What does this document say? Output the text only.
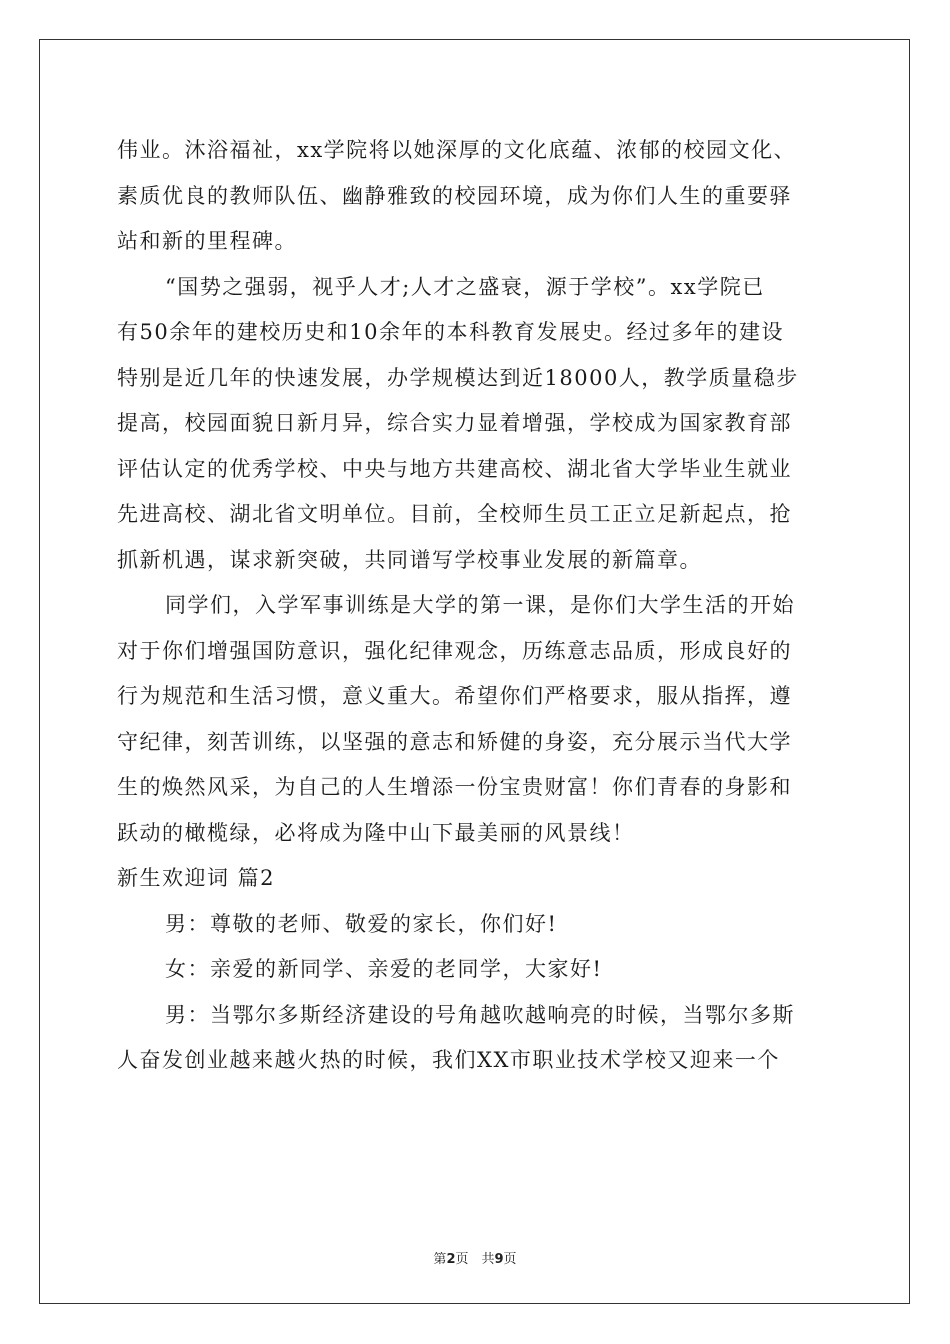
伟业。沐浴福祉，xx学院将以她深厚的文化底蕴、浓郁的校园文化、
素质优良的教师队伍、幽静雅致的校园环境，成为你们人生的重要驿
站和新的里程碑。
“国势之强弱，视乎人才;人才之盛衰，源于学校”。xx学院已
有50余年的建校历史和10余年的本科教育发展史。经过多年的建设
特别是近几年的快速发展，办学规模达到近18000人，教学质量稳步
提高，校园面貌日新月异，综合实力显着增强，学校成为国家教育部
评估认定的优秀学校、中央与地方共建高校、湖北省大学毕业生就业
先进高校、湖北省文明单位。目前，全校师生员工正立足新起点，抢
抓新机遇，谋求新突破，共同谱写学校事业发展的新篇章。
同学们，入学军事训练是大学的第一课，是你们大学生活的开始
对于你们增强国防意识，强化纪律观念，历练意志品质，形成良好的
行为规范和生活习惯，意义重大。希望你们严格要求，服从指挥，遵
守纪律，刻苦训练，以坚强的意志和矫健的身姿，充分展示当代大学
生的焕然风采，为自己的人生增添一份宝贵财富！你们青春的身影和
跃动的橄榄绿，必将成为隆中山下最美丽的风景线！
新生欢迎词 篇2
男：尊敬的老师、敬爱的家长，你们好!
女：亲爱的新同学、亲爱的老同学，大家好!
男：当鄂尔多斯经济建设的号角越吹越响亮的时候，当鄂尔多斯
人奋发创业越来越火热的时候，我们XX市职业技术学校又迎来一个
第2页　共9页
